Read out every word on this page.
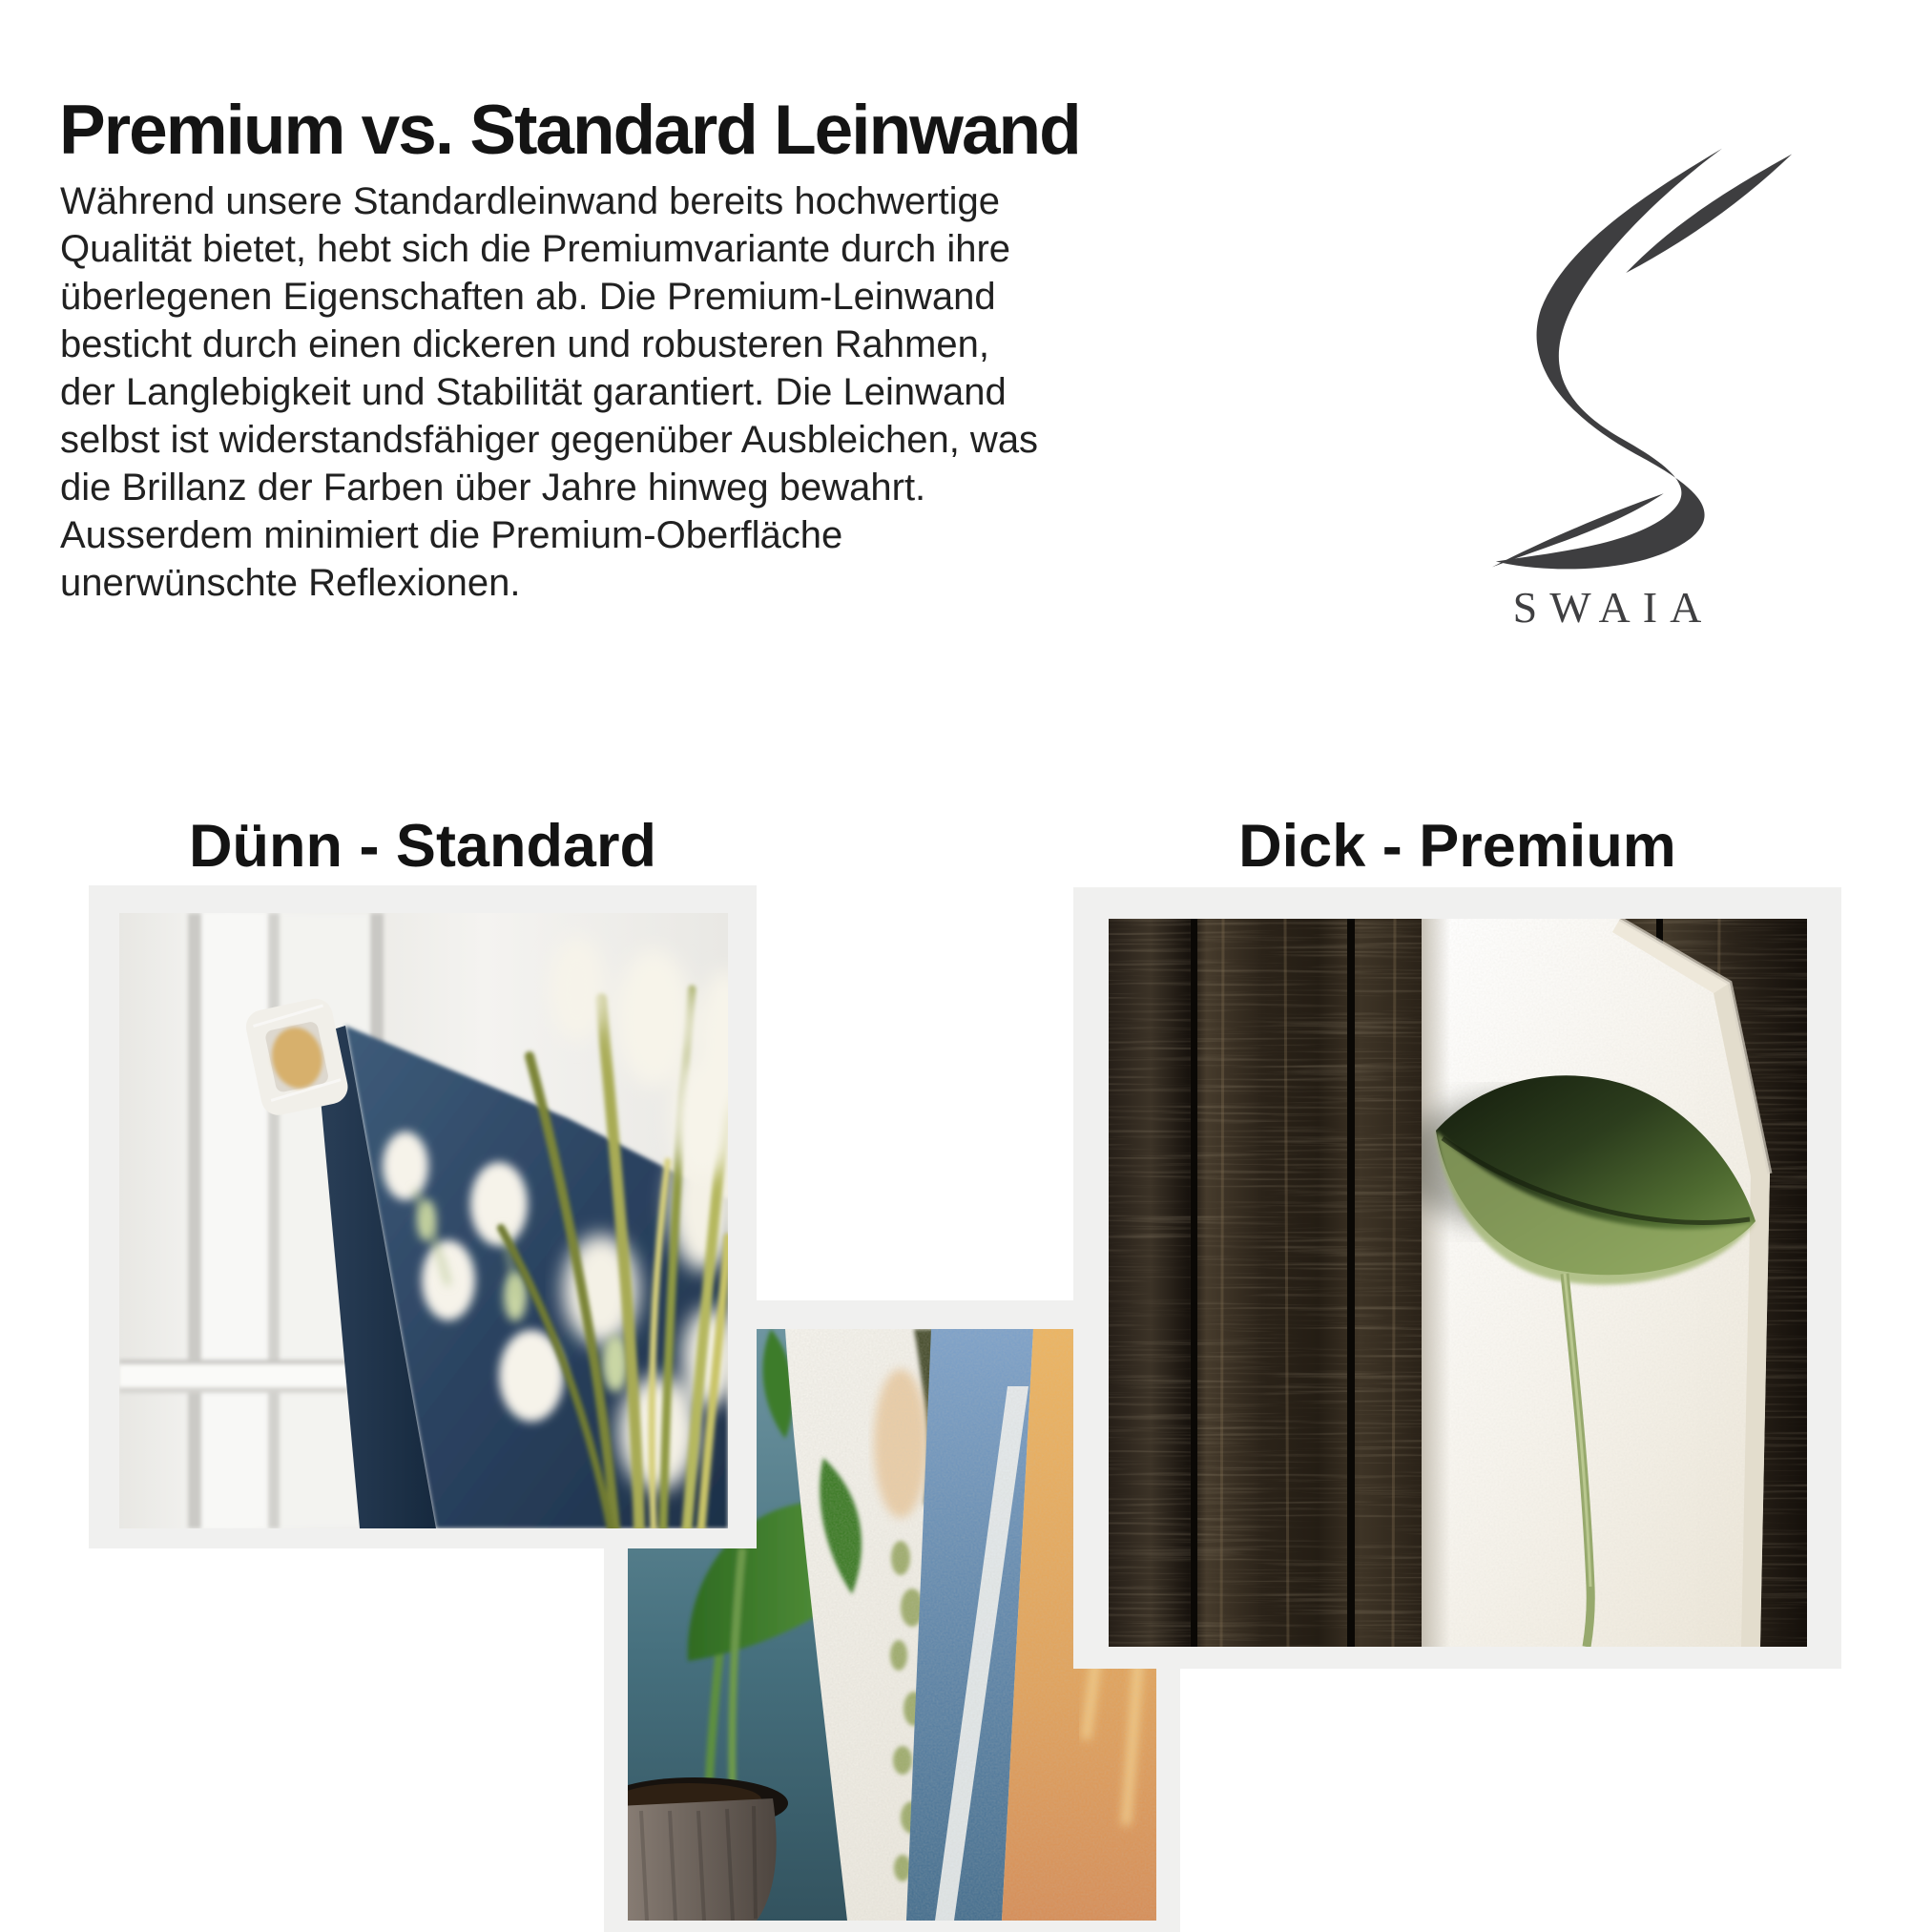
Premium vs. Standard Leinwand
Während unsere Standardleinwand bereits hochwertige
Qualität bietet, hebt sich die Premiumvariante durch ihre
überlegenen Eigenschaften ab. Die Premium-Leinwand
besticht durch einen dickeren und robusteren Rahmen,
der Langlebigkeit und Stabilität garantiert. Die Leinwand
selbst ist widerstandsfähiger gegenüber Ausbleichen, was
die Brillanz der Farben über Jahre hinweg bewahrt.
Ausserdem minimiert die Premium-Oberfläche
unerwünschte Reflexionen.	SWAIA
Dünn - Standard	Dick - Premium
